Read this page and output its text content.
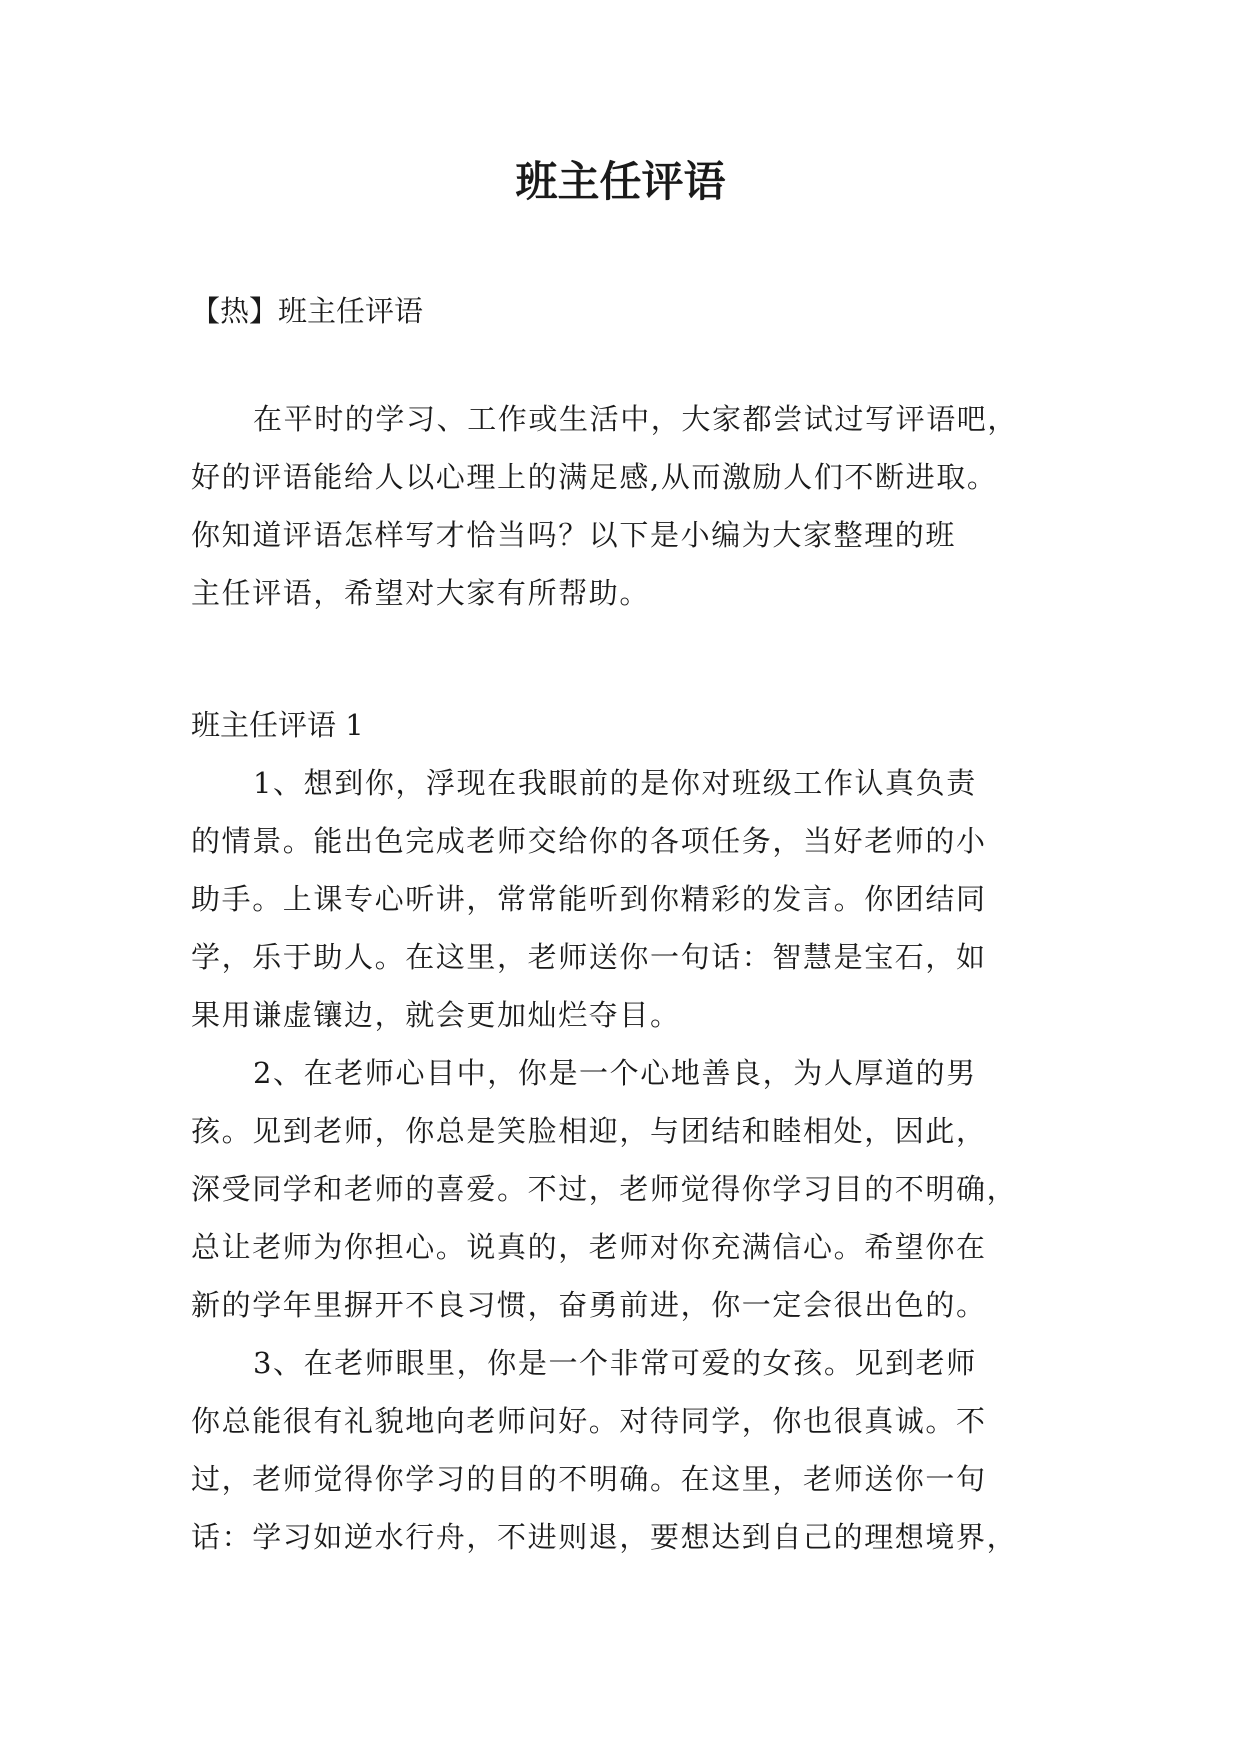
班主任评语

【热】班主任评语

在平时的学习、工作或生活中，大家都尝试过写评语吧，
好的评语能给人以心理上的满足感,从而激励人们不断进取。
你知道评语怎样写才恰当吗？以下是小编为大家整理的班
主任评语，希望对大家有所帮助。
班主任评语 1
1、想到你，浮现在我眼前的是你对班级工作认真负责
的情景。能出色完成老师交给你的各项任务，当好老师的小
助手。上课专心听讲，常常能听到你精彩的发言。你团结同
学，乐于助人。在这里，老师送你一句话：智慧是宝石，如
果用谦虚镶边，就会更加灿烂夺目。
2、在老师心目中，你是一个心地善良，为人厚道的男
孩。见到老师，你总是笑脸相迎，与团结和睦相处，因此，
深受同学和老师的喜爱。不过，老师觉得你学习目的不明确，
总让老师为你担心。说真的，老师对你充满信心。希望你在
新的学年里摒开不良习惯，奋勇前进，你一定会很出色的。
3、在老师眼里，你是一个非常可爱的女孩。见到老师
你总能很有礼貌地向老师问好。对待同学，你也很真诚。不
过，老师觉得你学习的目的不明确。在这里，老师送你一句
话：学习如逆水行舟，不进则退，要想达到自己的理想境界，
